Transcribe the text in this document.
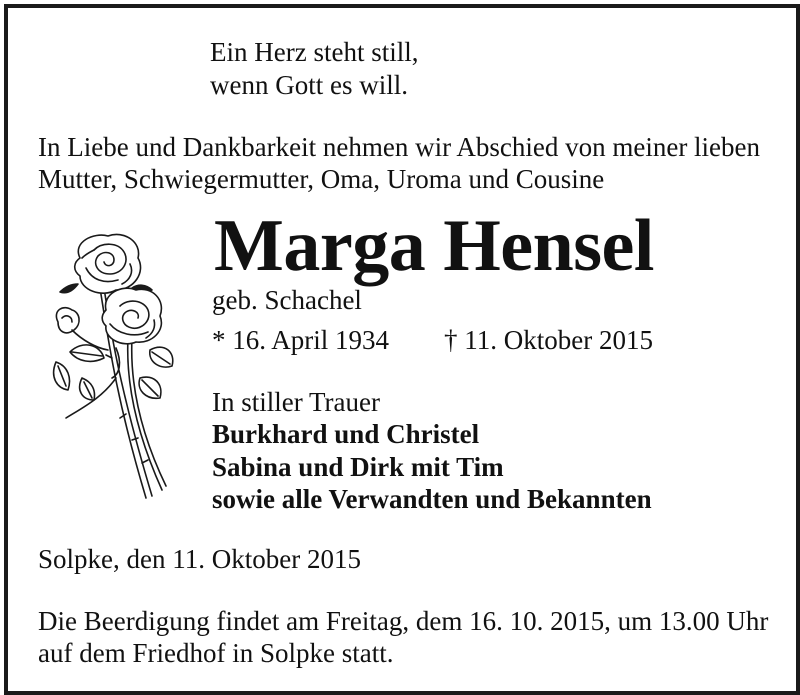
Ein Herz steht still,

wenn Gott es will.

In Liebe und Dankbarkeit nehmen wir Abschied von meiner lieben

Mutter, Schwiegermutter, Oma, Uroma und Cousine

Marga Hensel

geb. Schachel

* 16. April 1934 † 11. Oktober 2015

In stiller Trauer

Burkhard und Christel

Sabina und Dirk mit Tim

sowie alle Verwandten und Bekannten

Solpke, den 11. Oktober 2015

Die Beerdigung findet am Freitag, dem 16. 10. 2015, um 13.00 Uhr

auf dem Friedhof in Solpke statt.
